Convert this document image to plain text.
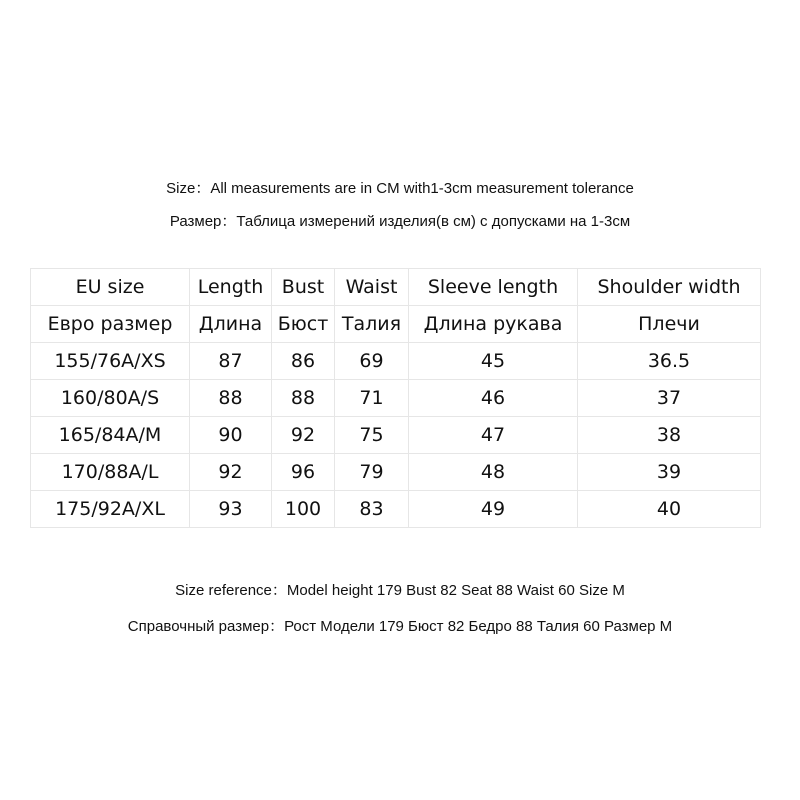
Size：All measurements are in CM with1-3cm measurement tolerance
Размер：Таблица измерений изделия(в см) с допусками на 1-3см
EU size	Length	Bust	Waist	Sleeve length	Shoulder width
Евро размер	Длина	Бюст	Талия	Длина рукава	Плечи
155/76A/XS	87	86	69	45	36.5
160/80A/S	88	88	71	46	37
165/84A/M	90	92	75	47	38
170/88A/L	92	96	79	48	39
175/92A/XL	93	100	83	49	40
Size reference：Model height 179 Bust 82 Seat 88 Waist 60 Size M
Справочный размер：Рост Модели 179 Бюст 82 Бедро 88 Талия 60 Размер M
